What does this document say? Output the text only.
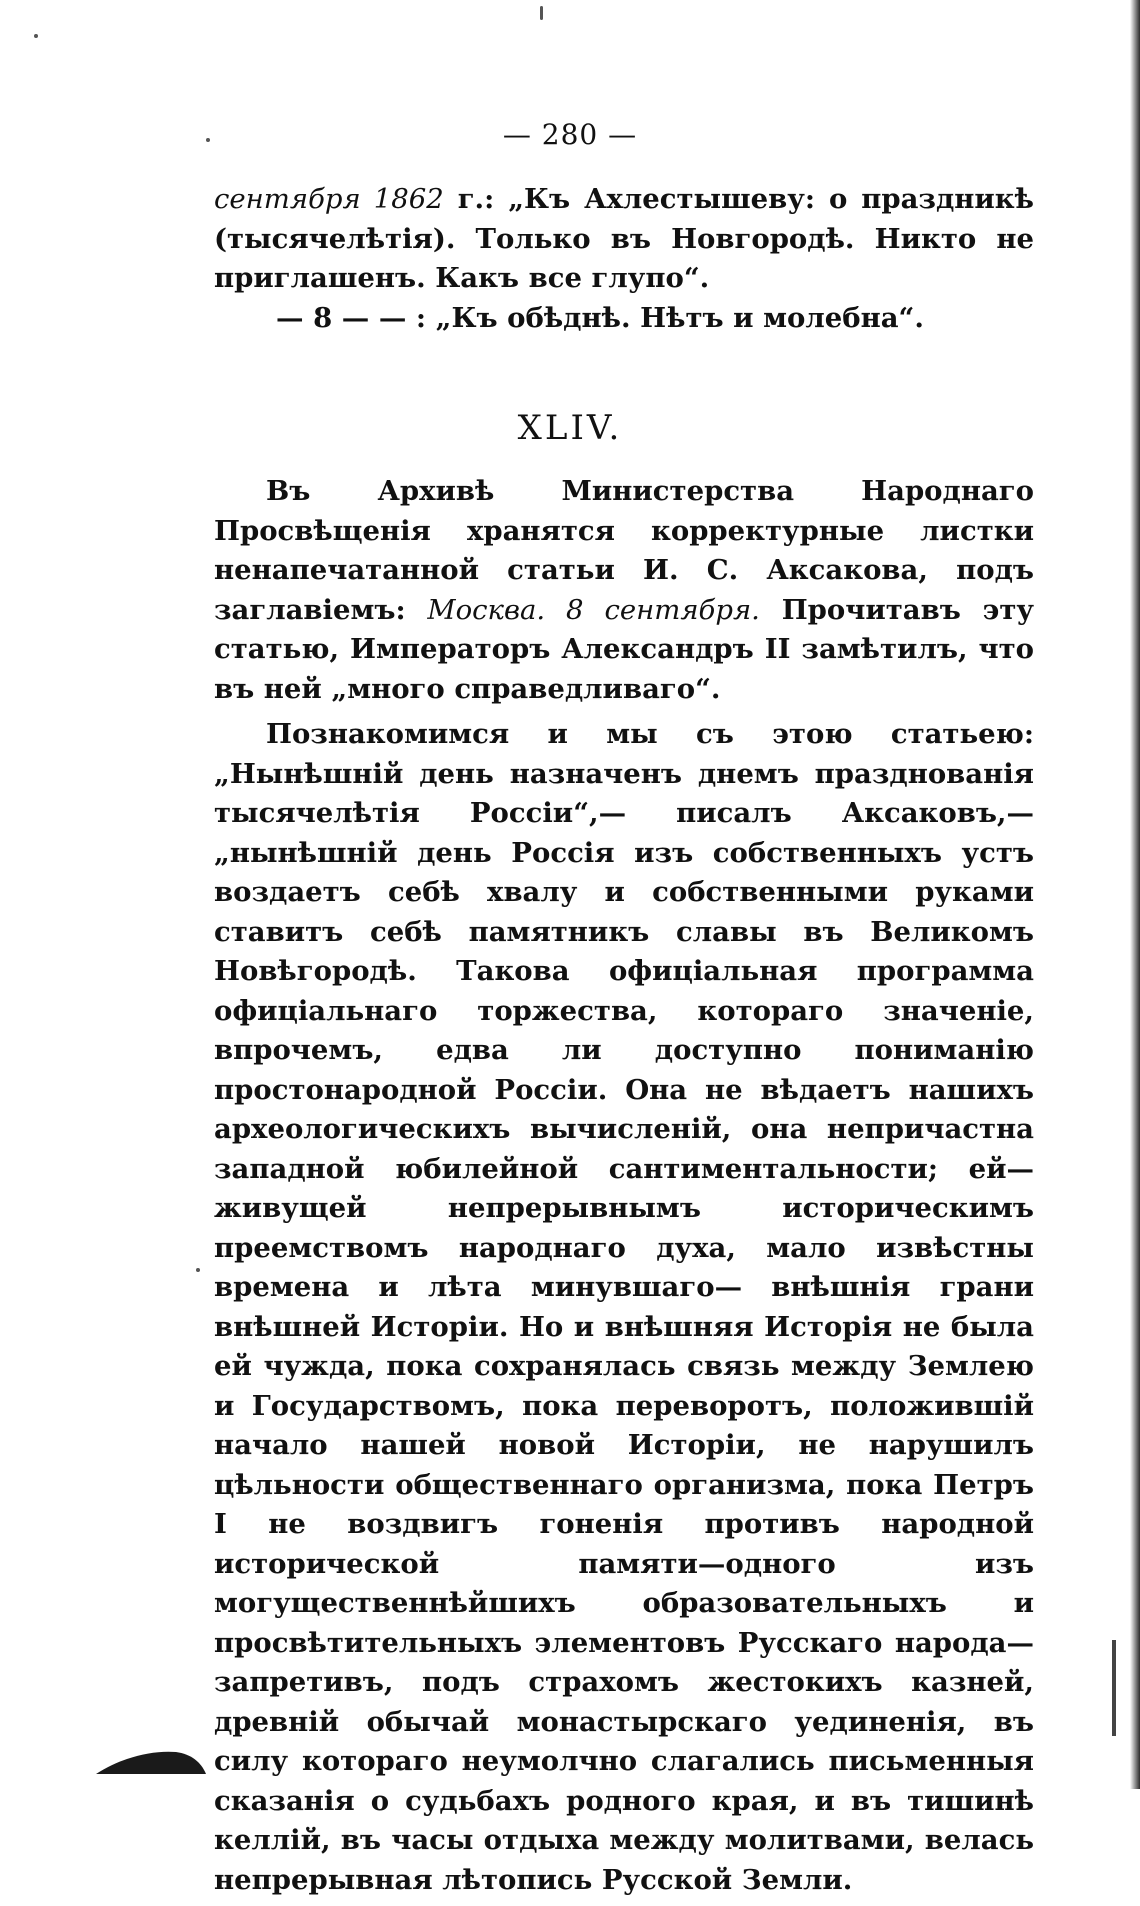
— 280 —

сентября 1862 г.: „Къ Ахлестышеву: о праздникѣ (тысячелѣтія). Только въ Новгородѣ. Никто не приглашенъ. Какъ все глупо“.

— 8 — — : „Къ обѣднѣ. Нѣтъ и молебна“.

XLIV.

Въ Архивѣ Министерства Народнаго Просвѣщенія хранятся корректурные листки ненапечатанной статьи И. С. Аксакова, подъ заглавіемъ: Москва. 8 сентября. Прочитавъ эту статью, Императоръ Александръ II замѣтилъ, что въ ней „много справедливаго“.

Познакомимся и мы съ этою статьею: „Нынѣшній день назначенъ днемъ празднованія тысячелѣтія Россіи“,— писалъ Аксаковъ,—„нынѣшній день Россія изъ собственныхъ устъ воздаетъ себѣ хвалу и собственными руками ставитъ себѣ памятникъ славы въ Великомъ Новѣгородѣ. Такова офиціальная программа офиціальнаго торжества, котораго значеніе, впрочемъ, едва ли доступно пониманію простонародной Россіи. Она не вѣдаетъ нашихъ археологическихъ вычисленій, она непричастна западной юбилейной сантиментальности; ей—живущей непрерывнымъ историческимъ преемствомъ народнаго духа, мало извѣстны времена и лѣта минувшаго— внѣшнія грани внѣшней Исторіи. Но и внѣшняя Исторія не была ей чужда, пока сохранялась связь между Землею и Государствомъ, пока переворотъ, положившій начало нашей новой Исторіи, не нарушилъ цѣльности общественнаго организма, пока Петръ I не воздвигъ гоненія противъ народной исторической памяти—одного изъ могущественнѣйшихъ образовательныхъ и просвѣтительныхъ элементовъ Русскаго народа—запретивъ, подъ страхомъ жестокихъ казней, древній обычай монастырскаго уединенія, въ силу котораго неумолчно слагались письменныя сказанія о судьбахъ родного края, и въ тишинѣ келлій, въ часы отдыха между молитвами, велась непрерывная лѣтопись Русской Земли.
